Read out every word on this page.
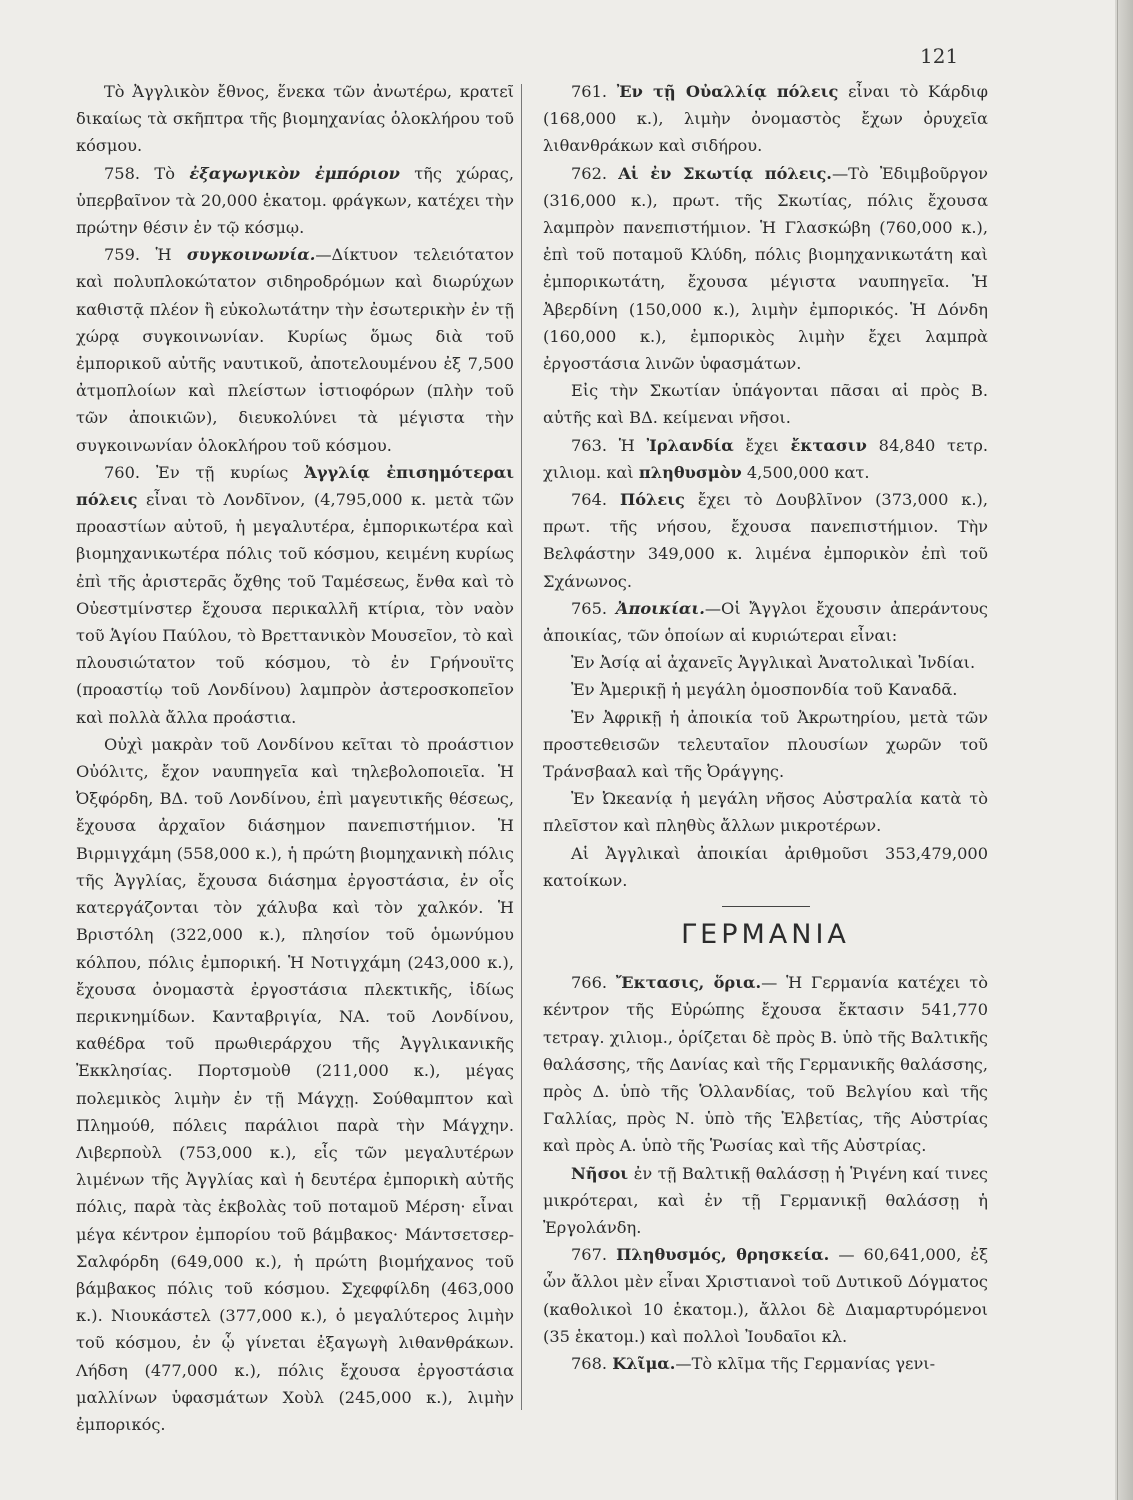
121

Τὸ Ἀγγλικὸν ἔθνος, ἕνεκα τῶν ἀνωτέρω, κρατεῖ δικαίως τὰ σκῆπτρα τῆς βιομηχανίας ὁλοκλήρου τοῦ κόσμου.

758. Τὸ ἐξαγωγικὸν ἐμπόριον τῆς χώρας, ὑπερβαῖνον τὰ 20,000 ἑκατομ. φράγκων, κατέχει τὴν πρώτην θέσιν ἐν τῷ κόσμῳ.

759. Ἡ συγκοινωνία.—Δίκτυον τελειότατον καὶ πολυπλοκώτατον σιδηροδρόμων καὶ διωρύχων καθιστᾷ πλέον ἢ εὐκολωτάτην τὴν ἐσωτερικὴν ἐν τῇ χώρᾳ συγκοινωνίαν. Κυρίως ὅμως διὰ τοῦ ἐμπορικοῦ αὐτῆς ναυτικοῦ, ἀποτελουμένου ἐξ 7,500 ἀτμοπλοίων καὶ πλείστων ἱστιοφόρων (πλὴν τοῦ τῶν ἀποικιῶν), διευκολύνει τὰ μέγιστα τὴν συγκοινωνίαν ὁλοκλήρου τοῦ κόσμου.

760. Ἐν τῇ κυρίως Ἀγγλίᾳ ἐπισημότεραι πόλεις εἶναι τὸ Λονδῖνον, (4,795,000 κ. μετὰ τῶν προαστίων αὐτοῦ, ἡ μεγαλυτέρα, ἐμπορικωτέρα καὶ βιομηχανικωτέρα πόλις τοῦ κόσμου, κειμένη κυρίως ἐπὶ τῆς ἀριστερᾶς ὄχθης τοῦ Ταμέσεως, ἔνθα καὶ τὸ Οὐεστμίνστερ ἔχουσα περικαλλῆ κτίρια, τὸν ναὸν τοῦ Ἁγίου Παύλου, τὸ Βρεττανικὸν Μουσεῖον, τὸ καὶ πλουσιώτατον τοῦ κόσμου, τὸ ἐν Γρήνουϊτς (προαστίῳ τοῦ Λονδίνου) λαμπρὸν ἀστεροσκοπεῖον καὶ πολλὰ ἄλλα προάστια.

Οὐχὶ μακρὰν τοῦ Λονδίνου κεῖται τὸ προάστιον Οὐόλιτς, ἔχον ναυπηγεῖα καὶ τηλεβολοποιεῖα. Ἡ Ὀξφόρδη, ΒΔ. τοῦ Λονδίνου, ἐπὶ μαγευτικῆς θέσεως, ἔχουσα ἀρχαῖον διάσημον πανεπιστήμιον. Ἡ Βιρμιγχάμη (558,000 κ.), ἡ πρώτη βιομηχανικὴ πόλις τῆς Ἀγγλίας, ἔχουσα διάσημα ἐργοστάσια, ἐν οἷς κατεργάζονται τὸν χάλυβα καὶ τὸν χαλκόν. Ἡ Βριστόλη (322,000 κ.), πλησίον τοῦ ὁμωνύμου κόλπου, πόλις ἐμπορική. Ἡ Νοτιγχάμη (243,000 κ.), ἔχουσα ὀνομαστὰ ἐργοστάσια πλεκτικῆς, ἰδίως περικνημίδων. Κανταβριγία, ΝΑ. τοῦ Λονδίνου, καθέδρα τοῦ πρωθιεράρχου τῆς Ἀγγλικανικῆς Ἐκκλησίας. Πορτσμοὺθ (211,000 κ.), μέγας πολεμικὸς λιμὴν ἐν τῇ Μάγχῃ. Σούθαμπτον καὶ Πλημούθ, πόλεις παράλιοι παρὰ τὴν Μάγχην. Λιβερποὺλ (753,000 κ.), εἷς τῶν μεγαλυτέρων λιμένων τῆς Ἀγγλίας καὶ ἡ δευτέρα ἐμπορικὴ αὐτῆς πόλις, παρὰ τὰς ἐκβολὰς τοῦ ποταμοῦ Μέρση· εἶναι μέγα κέντρον ἐμπορίου τοῦ βάμβακος· Μάντσετσερ-Σαλφόρδη (649,000 κ.), ἡ πρώτη βιομήχανος τοῦ βάμβακος πόλις τοῦ κόσμου. Σχεφφίλδη (463,000 κ.). Νιουκάστελ (377,000 κ.), ὁ μεγαλύτερος λιμὴν τοῦ κόσμου, ἐν ᾧ γίνεται ἐξαγωγὴ λιθανθράκων. Λήδση (477,000 κ.), πόλις ἔχουσα ἐργοστάσια μαλλίνων ὑφασμάτων Χοὺλ (245,000 κ.), λιμὴν ἐμπορικός.

761. Ἐν τῇ Οὐαλλίᾳ πόλεις εἶναι τὸ Κάρδιφ (168,000 κ.), λιμὴν ὀνομαστὸς ἔχων ὀρυχεῖα λιθανθράκων καὶ σιδήρου.

762. Αἱ ἐν Σκωτίᾳ πόλεις.—Τὸ Ἐδιμβοῦργον (316,000 κ.), πρωτ. τῆς Σκωτίας, πόλις ἔχουσα λαμπρὸν πανεπιστήμιον. Ἡ Γλασκώβη (760,000 κ.), ἐπὶ τοῦ ποταμοῦ Κλύδη, πόλις βιομηχανικωτάτη καὶ ἐμπορικωτάτη, ἔχουσα μέγιστα ναυπηγεῖα. Ἡ Ἀβερδίνη (150,000 κ.), λιμὴν ἐμπορικός. Ἡ Δόνδη (160,000 κ.), ἐμπορικὸς λιμὴν ἔχει λαμπρὰ ἐργοστάσια λινῶν ὑφασμάτων.

Εἰς τὴν Σκωτίαν ὑπάγονται πᾶσαι αἱ πρὸς Β. αὐτῆς καὶ ΒΔ. κείμεναι νῆσοι.

763. Ἡ Ἰρλανδία ἔχει ἔκτασιν 84,840 τετρ. χιλιομ. καὶ πληθυσμὸν 4,500,000 κατ.

764. Πόλεις ἔχει τὸ Δουβλῖνον (373,000 κ.), πρωτ. τῆς νήσου, ἔχουσα πανεπιστήμιον. Τὴν Βελφάστην 349,000 κ. λιμένα ἐμπορικὸν ἐπὶ τοῦ Σχάνωνος.

765. Ἀποικίαι.—Οἱ Ἄγγλοι ἔχουσιν ἀπεράντους ἀποικίας, τῶν ὁποίων αἱ κυριώτεραι εἶναι:

Ἐν Ἀσίᾳ αἱ ἀχανεῖς Ἀγγλικαὶ Ἀνατολικαὶ Ἰνδίαι.

Ἐν Ἀμερικῇ ἡ μεγάλη ὁμοσπονδία τοῦ Καναδᾶ.

Ἐν Ἀφρικῇ ἡ ἀποικία τοῦ Ἀκρωτηρίου, μετὰ τῶν προστεθεισῶν τελευταῖον πλουσίων χωρῶν τοῦ Τράνσβααλ καὶ τῆς Ὀράγγης.

Ἐν Ὠκεανίᾳ ἡ μεγάλη νῆσος Αὐστραλία κατὰ τὸ πλεῖστον καὶ πληθὺς ἄλλων μικροτέρων.

Αἱ Ἀγγλικαὶ ἀποικίαι ἀριθμοῦσι 353,479,000 κατοίκων.

ΓΕΡΜΑΝΙΑ

766. Ἔκτασις, ὅρια.— Ἡ Γερμανία κατέχει τὸ κέντρον τῆς Εὐρώπης ἔχουσα ἔκτασιν 541,770 τετραγ. χιλιομ., ὁρίζεται δὲ πρὸς Β. ὑπὸ τῆς Βαλτικῆς θαλάσσης, τῆς Δανίας καὶ τῆς Γερμανικῆς θαλάσσης, πρὸς Δ. ὑπὸ τῆς Ὁλλανδίας, τοῦ Βελγίου καὶ τῆς Γαλλίας, πρὸς Ν. ὑπὸ τῆς Ἑλβετίας, τῆς Αὐστρίας καὶ πρὸς Α. ὑπὸ τῆς Ῥωσίας καὶ τῆς Αὐστρίας.

Νῆσοι ἐν τῇ Βαλτικῇ θαλάσσῃ ἡ Ῥιγένη καί τινες μικρότεραι, καὶ ἐν τῇ Γερμανικῇ θαλάσσῃ ἡ Ἐργολάνδη.

767. Πληθυσμός, θρησκεία. — 60,641,000, ἐξ ὧν ἄλλοι μὲν εἶναι Χριστιανοὶ τοῦ Δυτικοῦ Δόγματος (καθολικοὶ 10 ἑκατομ.), ἄλλοι δὲ Διαμαρτυρόμενοι (35 ἑκατομ.) καὶ πολλοὶ Ἰουδαῖοι κλ.

768. Κλῖμα.—Τὸ κλῖμα τῆς Γερμανίας γενι-
